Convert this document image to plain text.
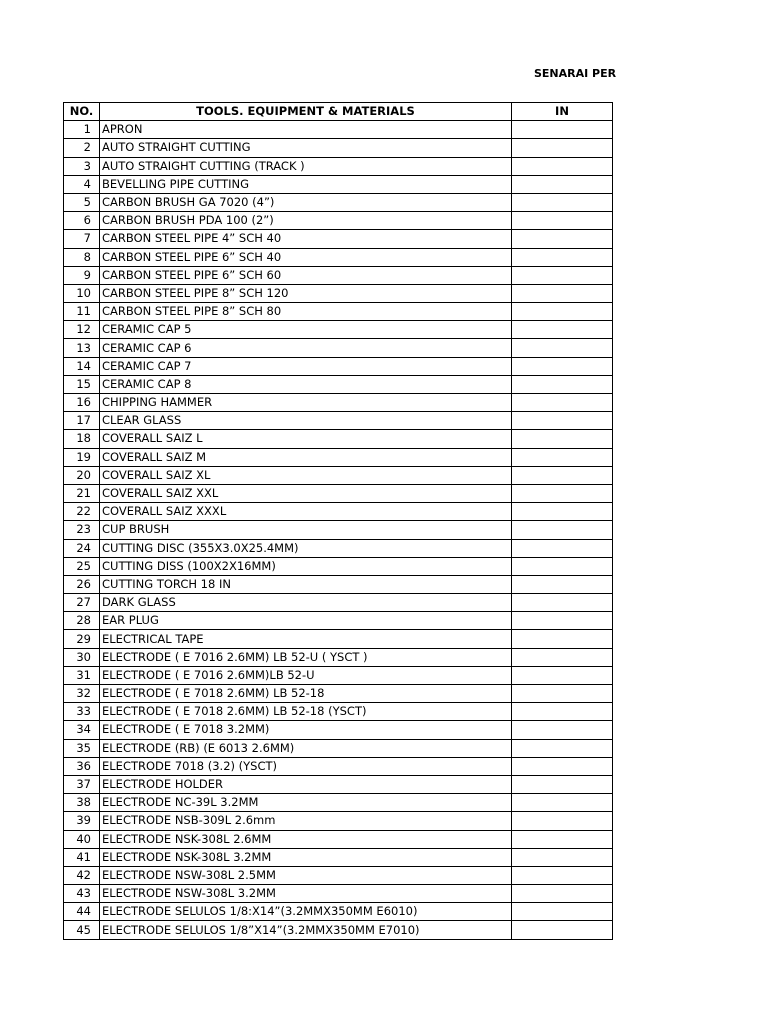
SENARAI PER
NO.	TOOLS. EQUIPMENT & MATERIALS	IN
1	APRON	
2	AUTO STRAIGHT CUTTING	
3	AUTO STRAIGHT CUTTING (TRACK )	
4	BEVELLING PIPE CUTTING	
5	CARBON BRUSH GA 7020 (4”)	
6	CARBON BRUSH PDA 100 (2”)	
7	CARBON STEEL PIPE 4” SCH 40	
8	CARBON STEEL PIPE 6” SCH 40	
9	CARBON STEEL PIPE 6” SCH 60	
10	CARBON STEEL PIPE 8” SCH 120	
11	CARBON STEEL PIPE 8” SCH 80	
12	CERAMIC CAP 5	
13	CERAMIC CAP 6	
14	CERAMIC CAP 7	
15	CERAMIC CAP 8	
16	CHIPPING HAMMER	
17	CLEAR GLASS	
18	COVERALL SAIZ L	
19	COVERALL SAIZ M	
20	COVERALL SAIZ XL	
21	COVERALL SAIZ XXL	
22	COVERALL SAIZ XXXL	
23	CUP BRUSH	
24	CUTTING DISC (355X3.0X25.4MM)	
25	CUTTING DISS (100X2X16MM)	
26	CUTTING TORCH 18 IN	
27	DARK GLASS	
28	EAR PLUG	
29	ELECTRICAL TAPE	
30	ELECTRODE ( E 7016 2.6MM) LB 52-U ( YSCT )	
31	ELECTRODE ( E 7016 2.6MM)LB 52-U	
32	ELECTRODE ( E 7018 2.6MM) LB 52-18	
33	ELECTRODE ( E 7018 2.6MM) LB 52-18 (YSCT)	
34	ELECTRODE ( E 7018 3.2MM)	
35	ELECTRODE (RB) (E 6013 2.6MM)	
36	ELECTRODE 7018 (3.2) (YSCT)	
37	ELECTRODE HOLDER	
38	ELECTRODE NC-39L 3.2MM	
39	ELECTRODE NSB-309L 2.6mm	
40	ELECTRODE NSK-308L 2.6MM	
41	ELECTRODE NSK-308L 3.2MM	
42	ELECTRODE NSW-308L 2.5MM	
43	ELECTRODE NSW-308L 3.2MM	
44	ELECTRODE SELULOS 1/8:X14”(3.2MMX350MM E6010)	
45	ELECTRODE SELULOS 1/8”X14”(3.2MMX350MM E7010)	
